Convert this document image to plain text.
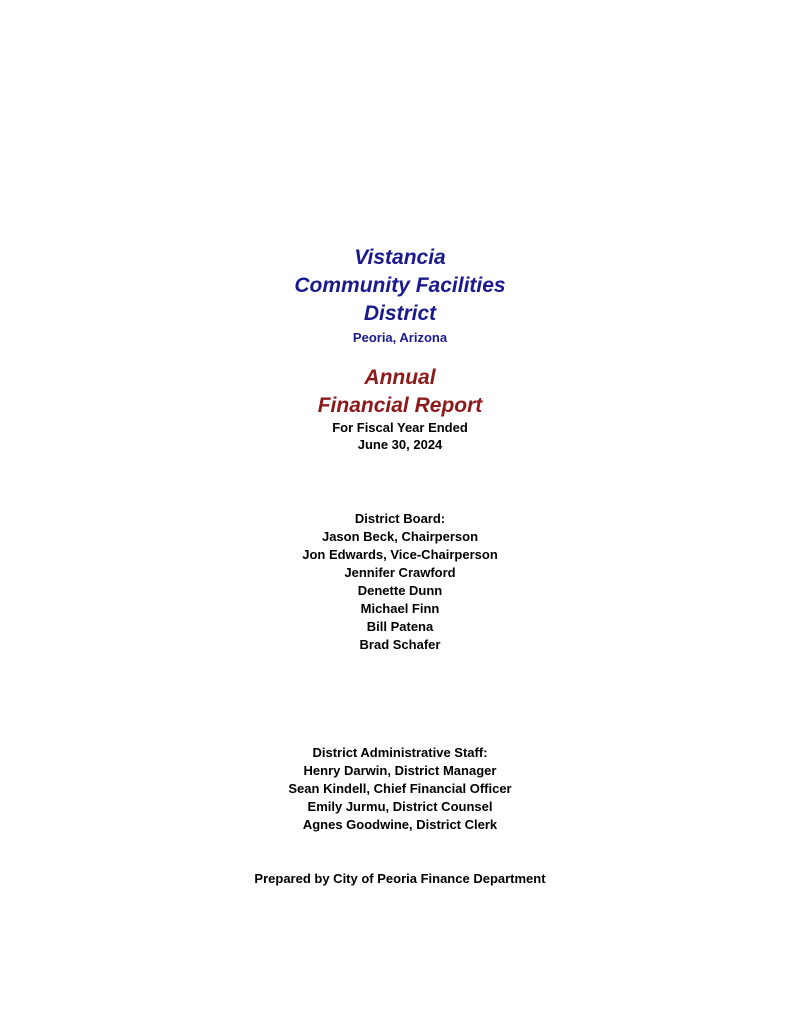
Vistancia
Community Facilities
District
Peoria, Arizona
Annual
Financial Report
For Fiscal Year Ended
June 30, 2024
District Board:
Jason Beck, Chairperson
Jon Edwards, Vice-Chairperson
Jennifer Crawford
Denette Dunn
Michael Finn
Bill Patena
Brad Schafer
District Administrative Staff:
Henry Darwin, District Manager
Sean Kindell, Chief Financial Officer
Emily Jurmu, District Counsel
Agnes Goodwine, District Clerk
Prepared by City of Peoria Finance Department
